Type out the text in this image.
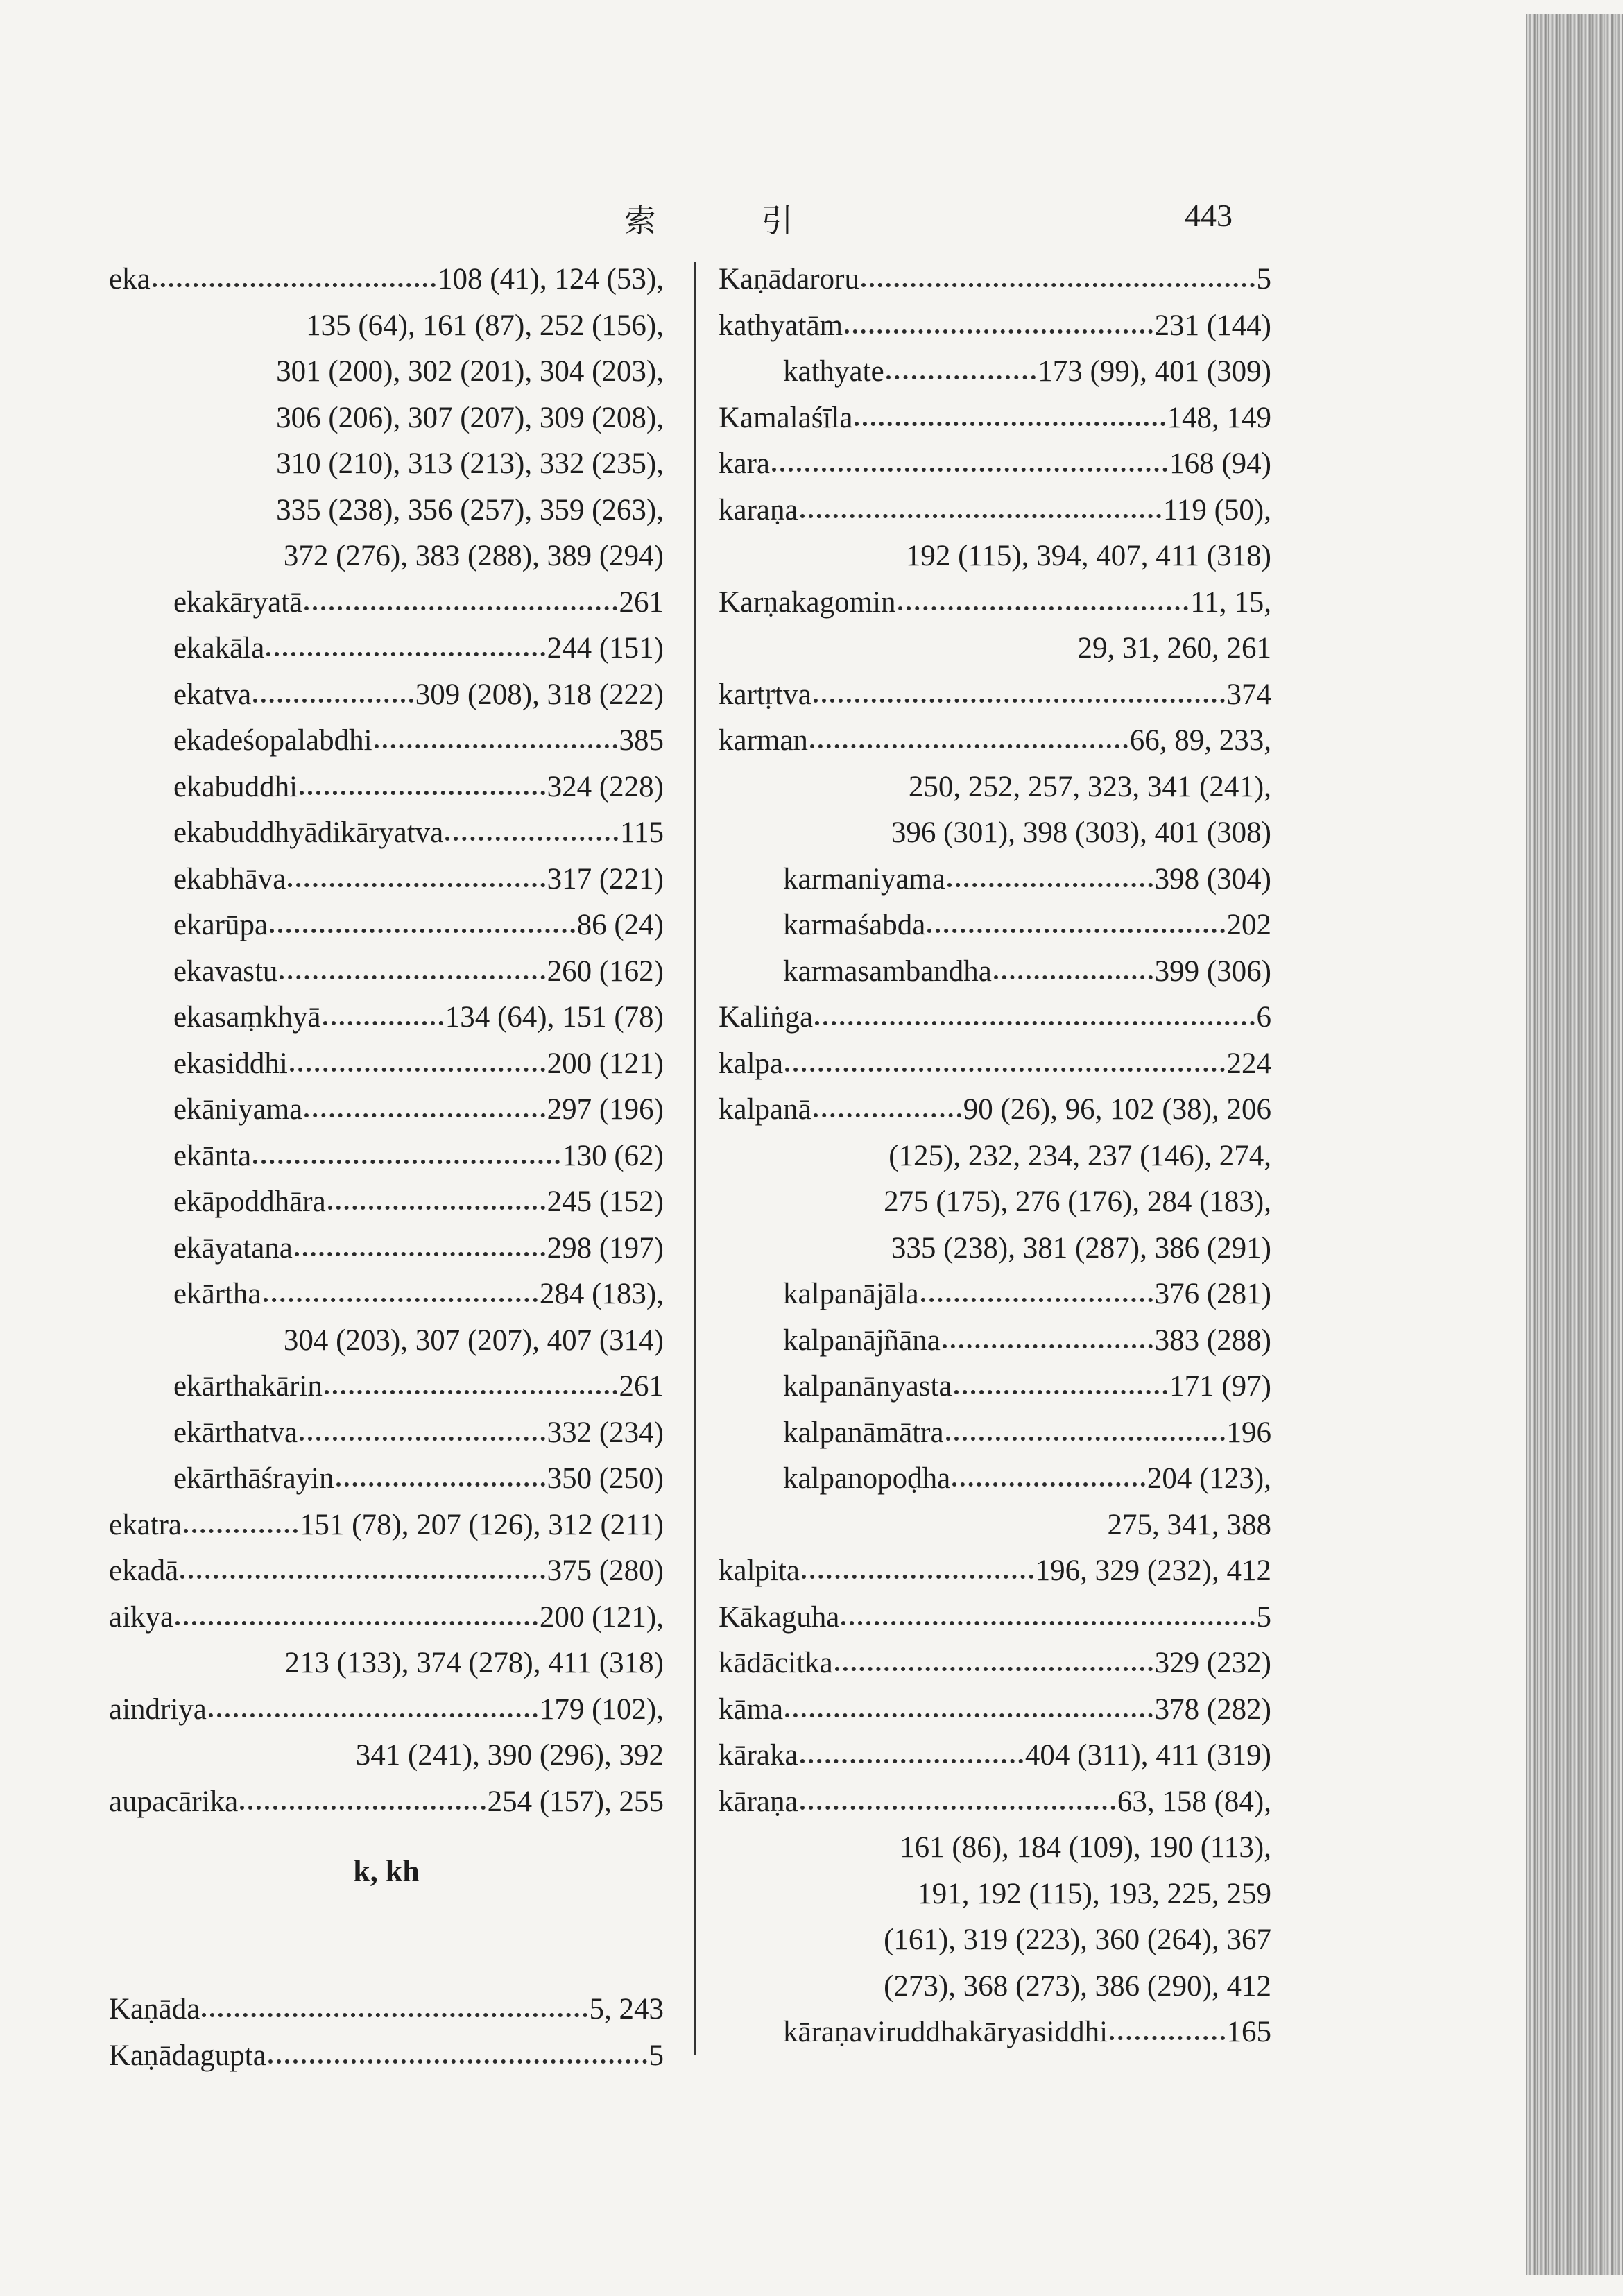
索 引	443
eka	108 (41), 124 (53),
135 (64), 161 (87), 252 (156),
301 (200), 302 (201), 304 (203),
306 (206), 307 (207), 309 (208),
310 (210), 313 (213), 332 (235),
335 (238), 356 (257), 359 (263),
372 (276), 383 (288), 389 (294)
ekakāryatā	261
ekakāla	244 (151)
ekatva	309 (208), 318 (222)
ekadeśopalabdhi	385
ekabuddhi	324 (228)
ekabuddhyādikāryatva	115
ekabhāva	317 (221)
ekarūpa	86 (24)
ekavastu	260 (162)
ekasaṃkhyā	134 (64), 151 (78)
ekasiddhi	200 (121)
ekāniyama	297 (196)
ekānta	130 (62)
ekāpoddhāra	245 (152)
ekāyatana	298 (197)
ekārtha	284 (183),
304 (203), 307 (207), 407 (314)
ekārthakārin	261
ekārthatva	332 (234)
ekārthāśrayin	350 (250)
ekatra	151 (78), 207 (126), 312 (211)
ekadā	375 (280)
aikya	200 (121),
213 (133), 374 (278), 411 (318)
aindriya	179 (102),
341 (241), 390 (296), 392
aupacārika	254 (157), 255
k, kh
Kaṇāda	5, 243
Kaṇādagupta	5
Kaṇādaroru	5
kathyatām	231 (144)
kathyate	173 (99), 401 (309)
Kamalaśīla	148, 149
kara	168 (94)
karaṇa	119 (50),
192 (115), 394, 407, 411 (318)
Karṇakagomin	11, 15,
29, 31, 260, 261
kartṛtva	374
karman	66, 89, 233,
250, 252, 257, 323, 341 (241),
396 (301), 398 (303), 401 (308)
karmaniyama	398 (304)
karmaśabda	202
karmasambandha	399 (306)
Kaliṅga	6
kalpa	224
kalpanā	90 (26), 96, 102 (38), 206
(125), 232, 234, 237 (146), 274,
275 (175), 276 (176), 284 (183),
335 (238), 381 (287), 386 (291)
kalpanājāla	376 (281)
kalpanājñāna	383 (288)
kalpanānyasta	171 (97)
kalpanāmātra	196
kalpanopoḍha	204 (123),
275, 341, 388
kalpita	196, 329 (232), 412
Kākaguha	5
kādācitka	329 (232)
kāma	378 (282)
kāraka	404 (311), 411 (319)
kāraṇa	63, 158 (84),
161 (86), 184 (109), 190 (113),
191, 192 (115), 193, 225, 259
(161), 319 (223), 360 (264), 367
(273), 368 (273), 386 (290), 412
kāraṇaviruddhakāryasiddhi	165
